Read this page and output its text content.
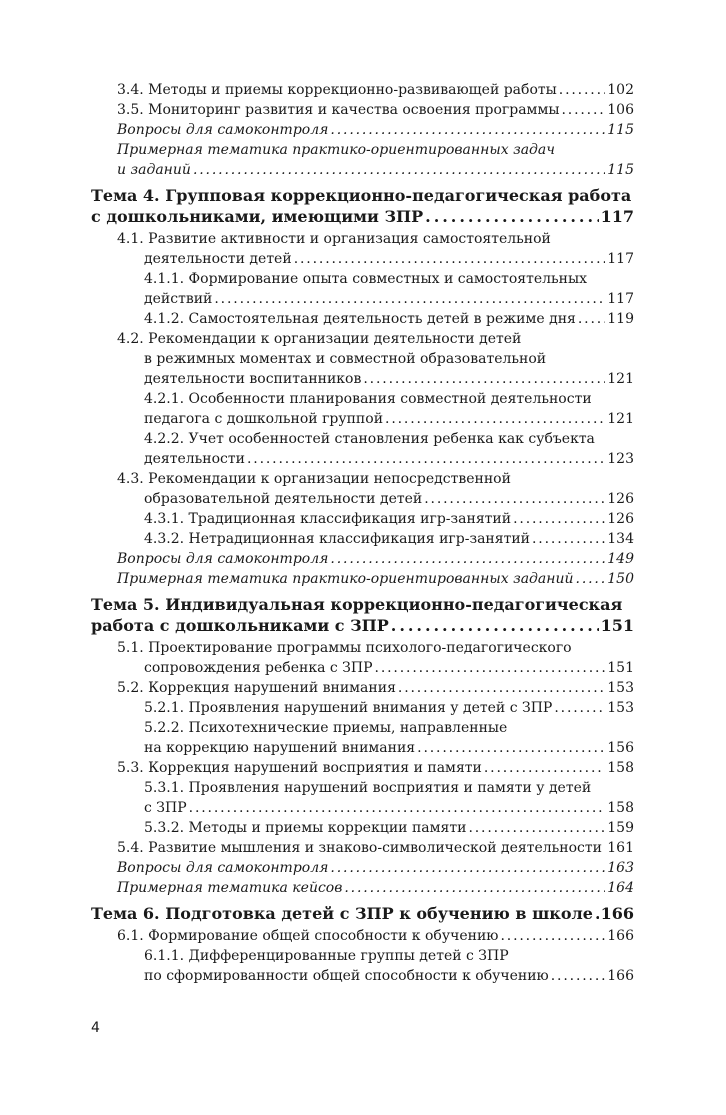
3.4. Методы и приемы коррекционно-развивающей работы . . .	102
3.5. Мониторинг развития и качества освоения программы . . .	106
Вопросы для самоконтроля . . .	115
Примерная тематика практико-ориентированных задач
и заданий . . .	115
Тема 4. Групповая коррекционно-педагогическая работа
с дошкольниками, имеющими ЗПР . . .	117
4.1. Развитие активности и организация самостоятельной
деятельности детей . . .	117
4.1.1. Формирование опыта совместных и самостоятельных
действий . . .	117
4.1.2. Самостоятельная деятельность детей в режиме дня . . . 119
4.2. Рекомендации к организации деятельности детей
в режимных моментах и совместной образовательной
деятельности воспитанников . . .	121
4.2.1. Особенности планирования совместной деятельности
педагога с дошкольной группой . . .	121
4.2.2. Учет особенностей становления ребенка как субъекта
деятельности . . .	123
4.3. Рекомендации к организации непосредственной
образовательной деятельности детей . . .	126
4.3.1. Традиционная классификация игр-занятий . . .	126
4.3.2. Нетрадиционная классификация игр-занятий . . .	134
Вопросы для самоконтроля . . .	149
Примерная тематика практико-ориентированных заданий . . . 150
Тема 5. Индивидуальная коррекционно-педагогическая
работа с дошкольниками с ЗПР . . .	151
5.1. Проектирование программы психолого-педагогического
сопровождения ребенка с ЗПР . . .	151
5.2. Коррекция нарушений внимания . . .	153
5.2.1. Проявления нарушений внимания у детей с ЗПР . . .	153
5.2.2. Психотехнические приемы, направленные
на коррекцию нарушений внимания . . .	156
5.3. Коррекция нарушений восприятия и памяти . . .	158
5.3.1. Проявления нарушений восприятия и памяти у детей
с ЗПР . . .	158
5.3.2. Методы и приемы коррекции памяти . . .	159
5.4. Развитие мышления и знаково-символической деятельности . . . 161
Вопросы для самоконтроля . . .	163
Примерная тематика кейсов . . .	164
Тема 6. Подготовка детей с ЗПР к обучению в школе . . . 166
6.1. Формирование общей способности к обучению . . .	166
6.1.1. Дифференцированные группы детей с ЗПР
по сформированности общей способности к обучению . . .	166
4
